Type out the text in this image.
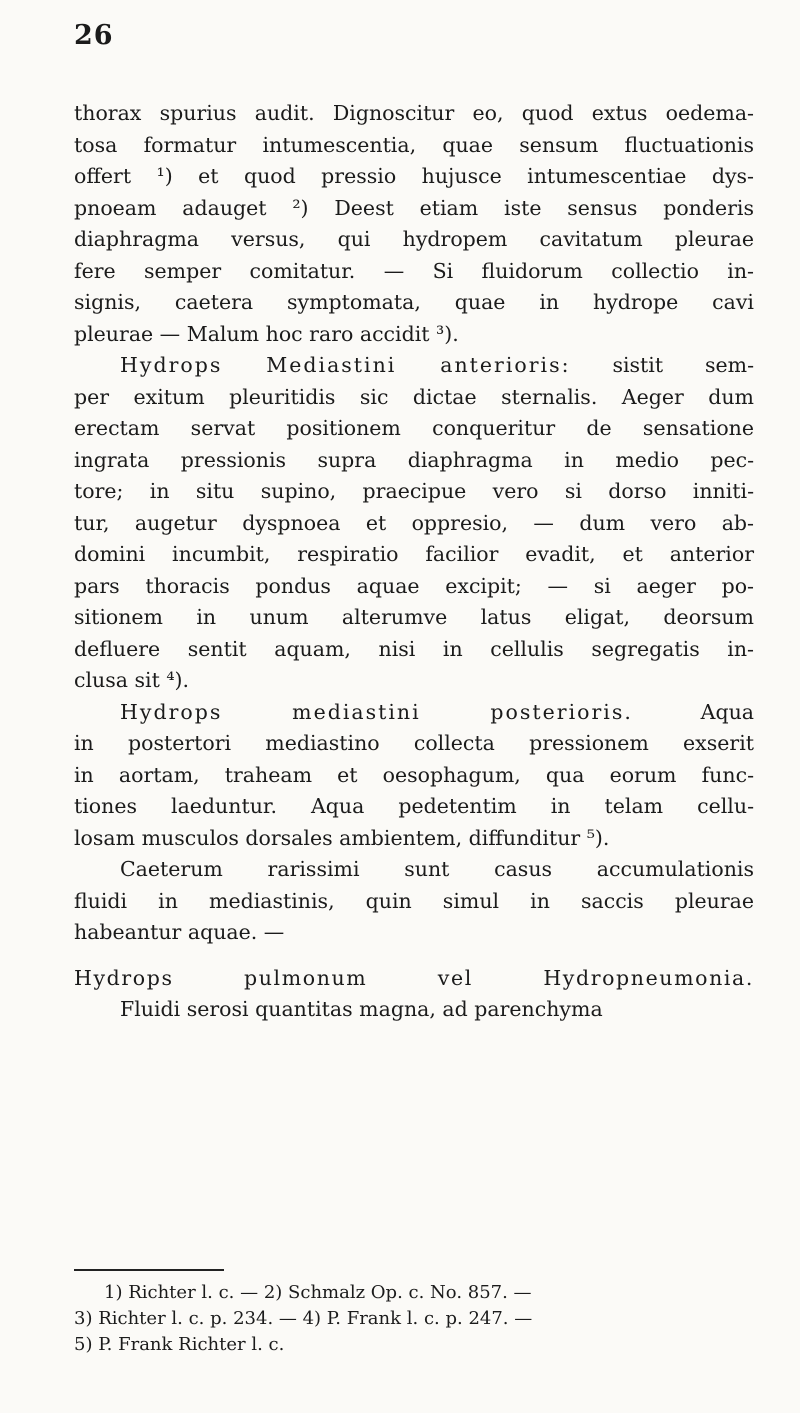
26
thorax spurius audit. Dignoscitur eo, quod extus oedema-
tosa formatur intumescentia, quae sensum fluctuationis
offert ¹) et quod pressio hujusce intumescentiae dys-
pnoeam adauget ²) Deest etiam iste sensus ponderis
diaphragma versus, qui hydropem cavitatum pleurae
fere semper comitatur. — Si fluidorum collectio in-
signis, caetera symptomata, quae in hydrope cavi
pleurae — Malum hoc raro accidit ³).
Hydrops Mediastini anterioris: sistit sem-
per exitum pleuritidis sic dictae sternalis. Aeger dum
erectam servat positionem conqueritur de sensatione
ingrata pressionis supra diaphragma in medio pec-
tore; in situ supino, praecipue vero si dorso inniti-
tur, augetur dyspnoea et oppresio, — dum vero ab-
domini incumbit, respiratio facilior evadit, et anterior
pars thoracis pondus aquae excipit; — si aeger po-
sitionem in unum alterumve latus eligat, deorsum
defluere sentit aquam, nisi in cellulis segregatis in-
clusa sit ⁴).
Hydrops mediastini posterioris. Aqua
in postertori mediastino collecta pressionem exserit
in aortam, traheam et oesophagum, qua eorum func-
tiones laeduntur. Aqua pedetentim in telam cellu-
losam musculos dorsales ambientem, diffunditur ⁵).
Caeterum rarissimi sunt casus accumulationis
fluidi in mediastinis, quin simul in saccis pleurae
habeantur aquae. —
Hydrops pulmonum vel Hydropneumonia.
Fluidi serosi quantitas magna, ad parenchyma
1) Richter l. c. — 2) Schmalz Op. c. No. 857. —
3) Richter l. c. p. 234. — 4) P. Frank l. c. p. 247. —
5) P. Frank Richter l. c.
